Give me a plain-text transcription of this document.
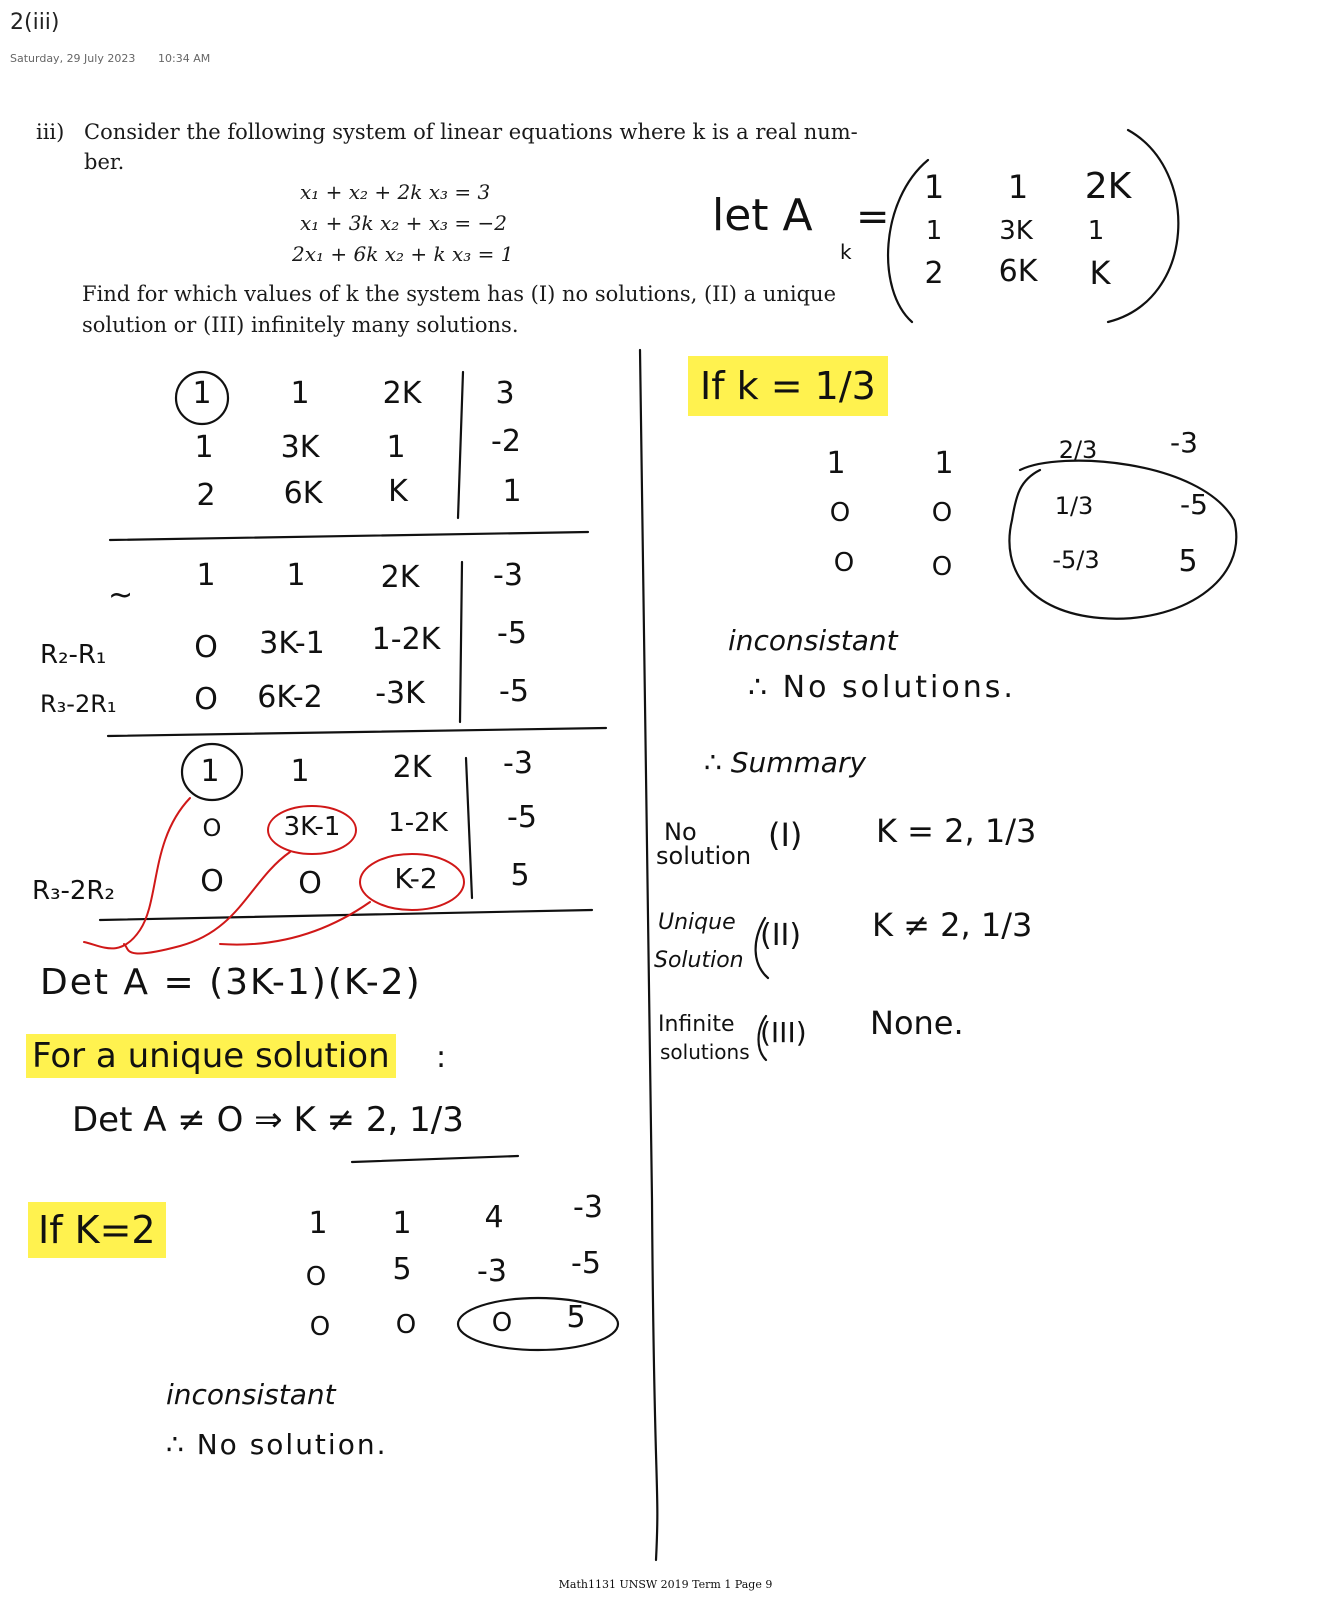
2(iii)
Saturday, 29 July 2023 10:34 AM
iii) Consider the following system of linear equations where k is a real num-
ber.
x₁ + x₂ + 2k x₃ = 3
x₁ + 3k x₂ + x₃ = −2
2x₁ + 6k x₂ + k x₃ = 1
Find for which values of k the system has (I) no solutions, (II) a unique
solution or (III) infinitely many solutions.
let A
k
=
1 1 2K
1 3K 1
2 6K K
1	1 2K 3
1 3K 1	-2
2 6K K	1
~
R₂-R₁
R₃-2R₁
1 1	2K -3
O 3K-1 1-2K -5
O 6K-2 -3K -5
R₃-2R₂
1 1	2K -3
O 3K-1 1-2K -5
O O	K-2 5
Det A = (3K-1)(K-2)
For a unique solution :
Det A ≠ O ⇒ K ≠ 2, 1/3
If K=2	1 1 4 -3
O 5 -3 -5
O	O	O 5
inconsistant
∴ No solution.
If k = 1/3
1	1	2/3	-3
O	O	1/3	-5
O	O	-5/3	5
inconsistant
∴ No solutions.
∴ Summary
No
solution
(I) K = 2, 1/3
Unique
Solution
(II) K ≠ 2, 1/3
Infinite
solutions
(III) None.
Math1131 UNSW 2019 Term 1 Page 9
